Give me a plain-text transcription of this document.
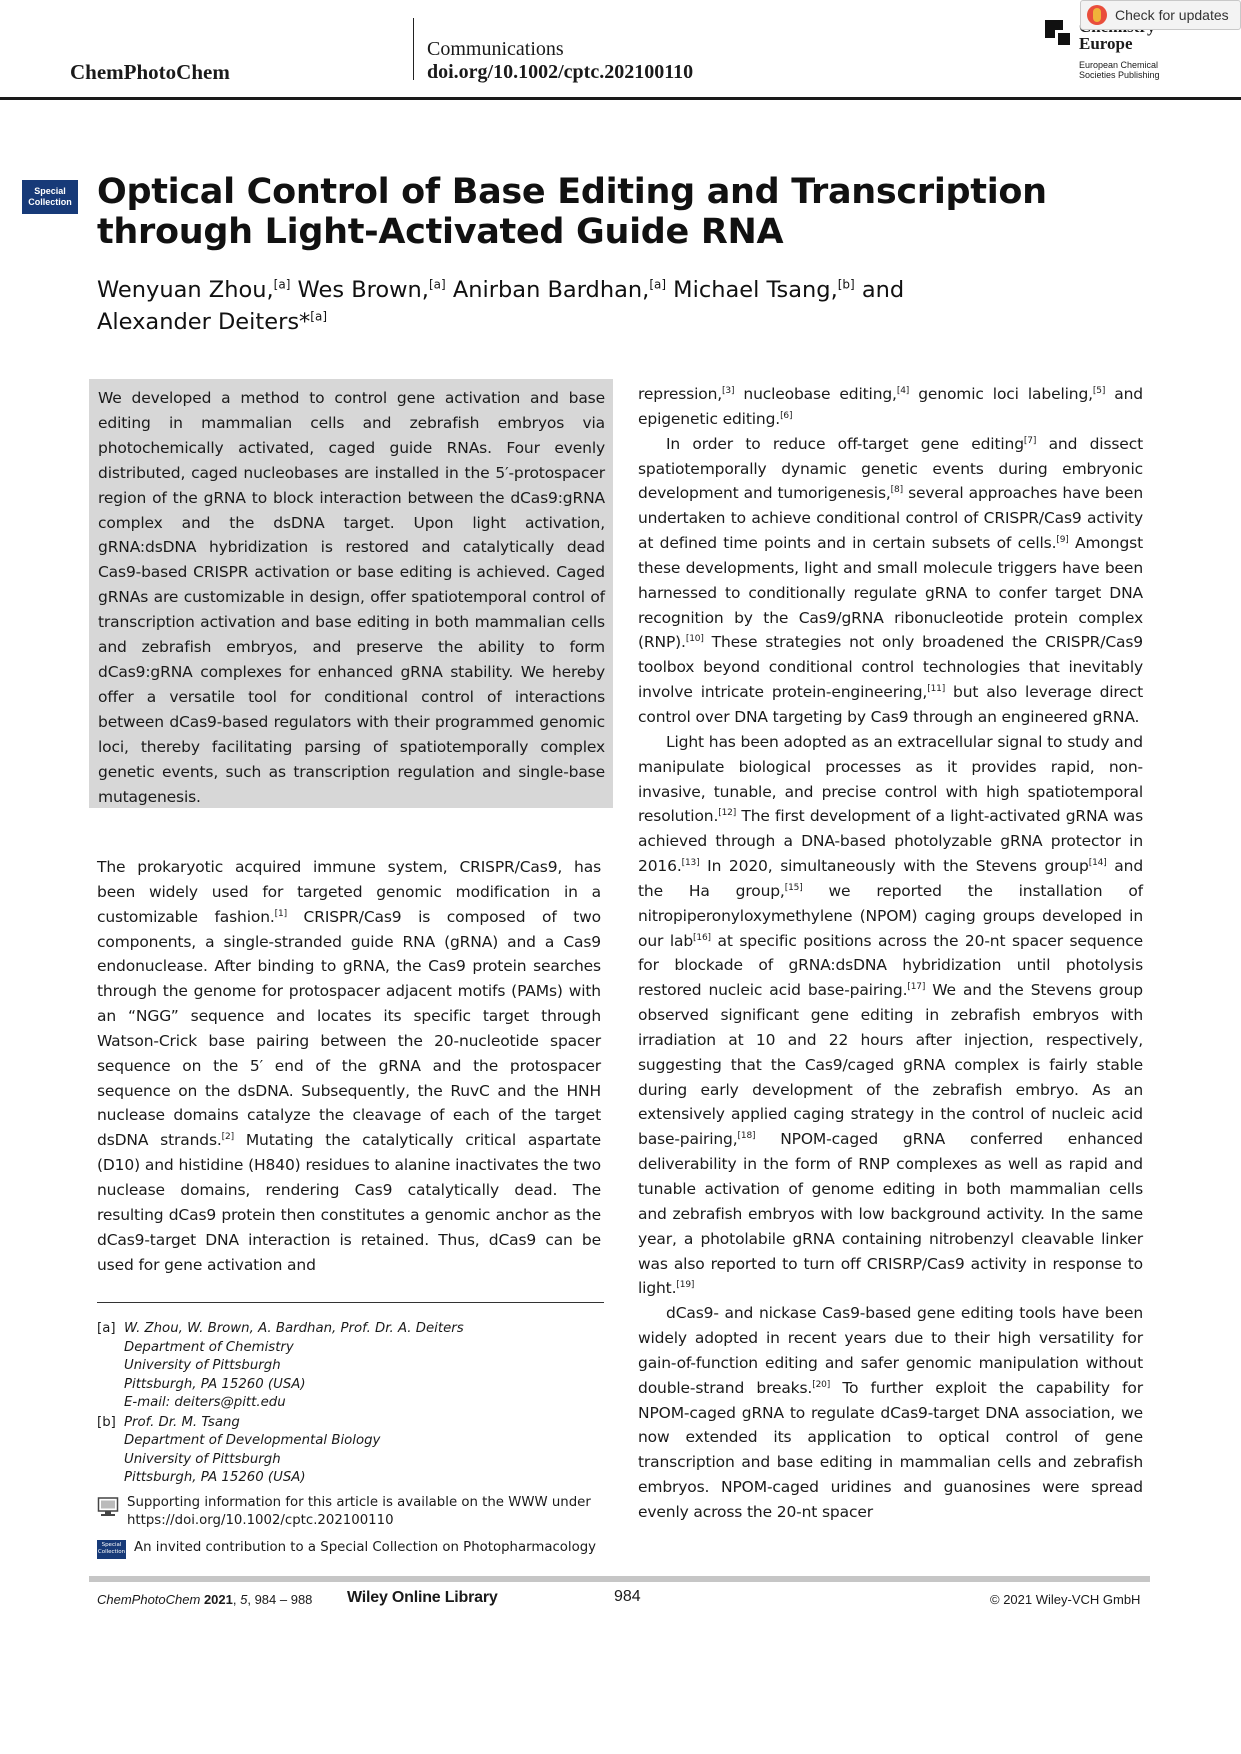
ChemPhotoChem
Communications
doi.org/10.1002/cptc.202100110
Europe
European Chemical
Societies Publishing
Check for updates
Special
Collection Optical Control of Base Editing and Transcription through Light-Activated Guide RNA
Wenyuan Zhou,[a] Wes Brown,[a] Anirban Bardhan,[a] Michael Tsang,[b] and Alexander Deiters*[a]

We developed a method to control gene activation and base editing in mammalian cells and zebrafish embryos via photochemically activated, caged guide RNAs. Four evenly distributed, caged nucleobases are installed in the 5′-protospacer region of the gRNA to block interaction between the dCas9:gRNA complex and the dsDNA target. Upon light activation, gRNA:dsDNA hybridization is restored and catalytically dead Cas9-based CRISPR activation or base editing is achieved. Caged gRNAs are customizable in design, offer spatiotemporal control of transcription activation and base editing in both mammalian cells and zebrafish embryos, and preserve the ability to form dCas9:gRNA complexes for enhanced gRNA stability. We hereby offer a versatile tool for conditional control of interactions between dCas9-based regulators with their programmed genomic loci, thereby facilitating parsing of spatiotemporally complex genetic events, such as transcription regulation and single-base mutagenesis.

The prokaryotic acquired immune system, CRISPR/Cas9, has been widely used for targeted genomic modification in a customizable fashion.[1] CRISPR/Cas9 is composed of two components, a single-stranded guide RNA (gRNA) and a Cas9 endonuclease. After binding to gRNA, the Cas9 protein searches through the genome for protospacer adjacent motifs (PAMs) with an “NGG” sequence and locates its specific target through Watson-Crick base pairing between the 20-nucleotide spacer sequence on the 5′ end of the gRNA and the protospacer sequence on the dsDNA. Subsequently, the RuvC and the HNH nuclease domains catalyze the cleavage of each of the target dsDNA strands.[2] Mutating the catalytically critical aspartate (D10) and histidine (H840) residues to alanine inactivates the two nuclease domains, rendering Cas9 catalytically dead. The resulting dCas9 protein then constitutes a genomic anchor as the dCas9-target DNA interaction is retained. Thus, dCas9 can be used for gene activation and

repression,[3] nucleobase editing,[4] genomic loci labeling,[5] and epigenetic editing.[6]

In order to reduce off-target gene editing[7] and dissect spatiotemporally dynamic genetic events during embryonic development and tumorigenesis,[8] several approaches have been undertaken to achieve conditional control of CRISPR/Cas9 activity at defined time points and in certain subsets of cells.[9] Amongst these developments, light and small molecule triggers have been harnessed to conditionally regulate gRNA to confer target DNA recognition by the Cas9/gRNA ribonucleotide protein complex (RNP).[10] These strategies not only broadened the CRISPR/Cas9 toolbox beyond conditional control technologies that inevitably involve intricate protein-engineering,[11] but also leverage direct control over DNA targeting by Cas9 through an engineered gRNA.

Light has been adopted as an extracellular signal to study and manipulate biological processes as it provides rapid, non-invasive, tunable, and precise control with high spatiotemporal resolution.[12] The first development of a light-activated gRNA was achieved through a DNA-based photolyzable gRNA protector in 2016.[13] In 2020, simultaneously with the Stevens group[14] and the Ha group,[15] we reported the installation of nitropiperonyloxymethylene (NPOM) caging groups developed in our lab[16] at specific positions across the 20-nt spacer sequence for blockade of gRNA:dsDNA hybridization until photolysis restored nucleic acid base-pairing.[17] We and the Stevens group observed significant gene editing in zebrafish embryos with irradiation at 10 and 22 hours after injection, respectively, suggesting that the Cas9/caged gRNA complex is fairly stable during early development of the zebrafish embryo. As an extensively applied caging strategy in the control of nucleic acid base-pairing,[18] NPOM-caged gRNA conferred enhanced deliverability in the form of RNP complexes as well as rapid and tunable activation of genome editing in both mammalian cells and zebrafish embryos with low background activity. In the same year, a photolabile gRNA containing nitrobenzyl cleavable linker was also reported to turn off CRISRP/Cas9 activity in response to light.[19]

dCas9- and nickase Cas9-based gene editing tools have been widely adopted in recent years due to their high versatility for gain-of-function editing and safer genomic manipulation without double-strand breaks.[20] To further exploit the capability for NPOM-caged gRNA to regulate dCas9-target DNA association, we now extended its application to optical control of gene transcription and base editing in mammalian cells and zebrafish embryos. NPOM-caged uridines and guanosines were spread evenly across the 20-nt spacer

[a] W. Zhou, W. Brown, A. Bardhan, Prof. Dr. A. Deiters
Department of Chemistry
University of Pittsburgh
Pittsburgh, PA 15260 (USA)
E-mail: deiters@pitt.edu
[b] Prof. Dr. M. Tsang
Department of Developmental Biology
University of Pittsburgh
Pittsburgh, PA 15260 (USA)
Supporting information for this article is available on the WWW under
https://doi.org/10.1002/cptc.202100110
Special
Collection An invited contribution to a Special Collection on Photopharmacology
ChemPhotoChem 2021, 5, 984 – 988 Wiley Online Library	984	© 2021 Wiley-VCH GmbH
